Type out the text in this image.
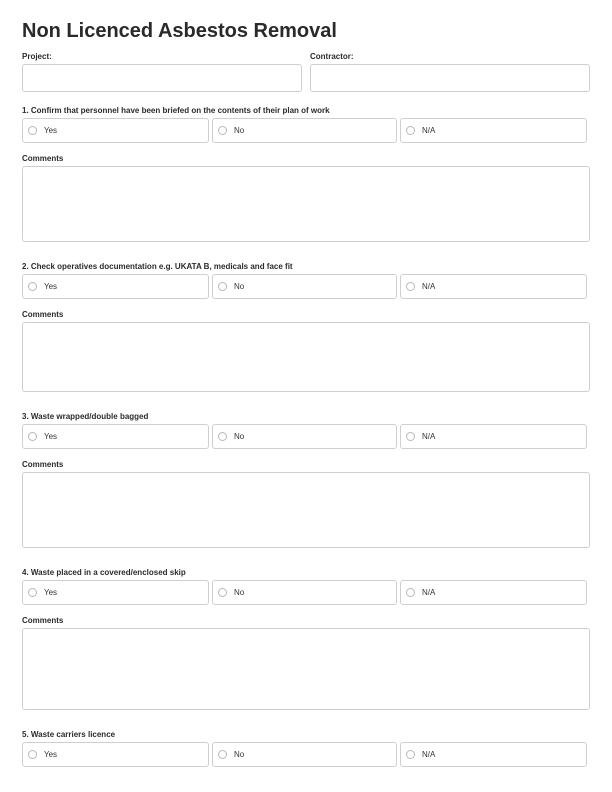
Non Licenced Asbestos Removal
Project:	Contractor:
1. Confirm that personnel have been briefed on the contents of their plan of work
Yes	No	N/A
Comments
2. Check operatives documentation e.g. UKATA B, medicals and face fit
Yes	No	N/A
Comments
3. Waste wrapped/double bagged
Yes	No	N/A
Comments
4. Waste placed in a covered/enclosed skip
Yes	No	N/A
Comments
5. Waste carriers licence
Yes	No	N/A
